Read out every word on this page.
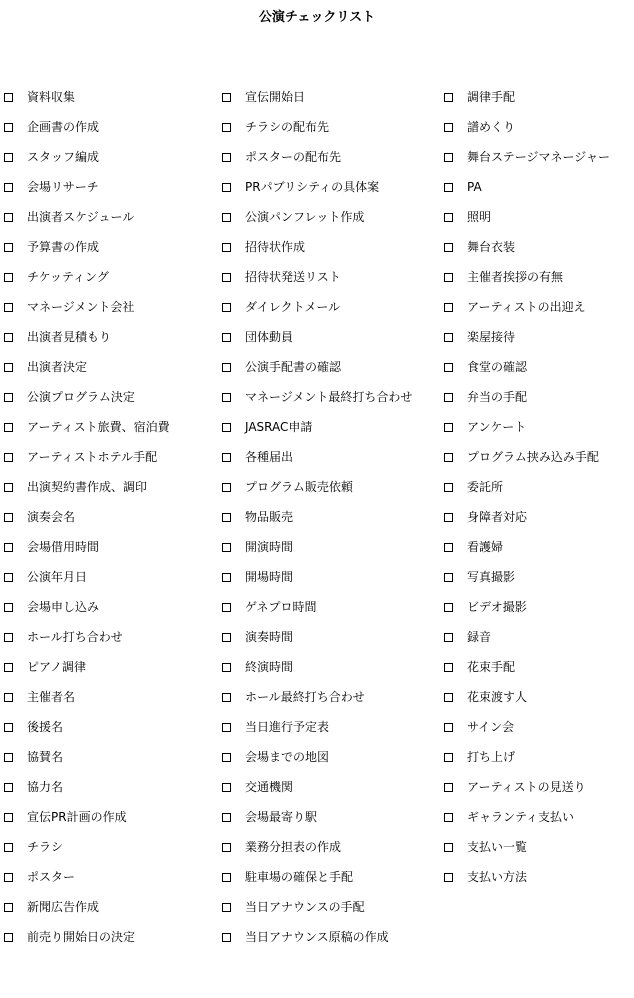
公演チェックリスト
資料収集
企画書の作成
スタッフ編成
会場リサーチ
出演者スケジュール
予算書の作成
チケッティング
マネージメント会社
出演者見積もり
出演者決定
公演プログラム決定
アーティスト旅費、宿泊費
アーティストホテル手配
出演契約書作成、調印
演奏会名
会場借用時間
公演年月日
会場申し込み
ホール打ち合わせ
ピアノ調律
主催者名
後援名
協賛名
協力名
宣伝PR計画の作成
チラシ
ポスター
新聞広告作成
前売り開始日の決定
宣伝開始日
チラシの配布先
ポスターの配布先
PRパブリシティの具体案
公演パンフレット作成
招待状作成
招待状発送リスト
ダイレクトメール
団体動員
公演手配書の確認
マネージメント最終打ち合わせ
JASRAC申請
各種届出
プログラム販売依頼
物品販売
開演時間
開場時間
ゲネプロ時間
演奏時間
終演時間
ホール最終打ち合わせ
当日進行予定表
会場までの地図
交通機関
会場最寄り駅
業務分担表の作成
駐車場の確保と手配
当日アナウンスの手配
当日アナウンス原稿の作成
調律手配
譜めくり
舞台ステージマネージャー
PA
照明
舞台衣装
主催者挨拶の有無
アーティストの出迎え
楽屋接待
食堂の確認
弁当の手配
アンケート
プログラム挟み込み手配
委託所
身障者対応
看護婦
写真撮影
ビデオ撮影
録音
花束手配
花束渡す人
サイン会
打ち上げ
アーティストの見送り
ギャランティ支払い
支払い一覧
支払い方法
